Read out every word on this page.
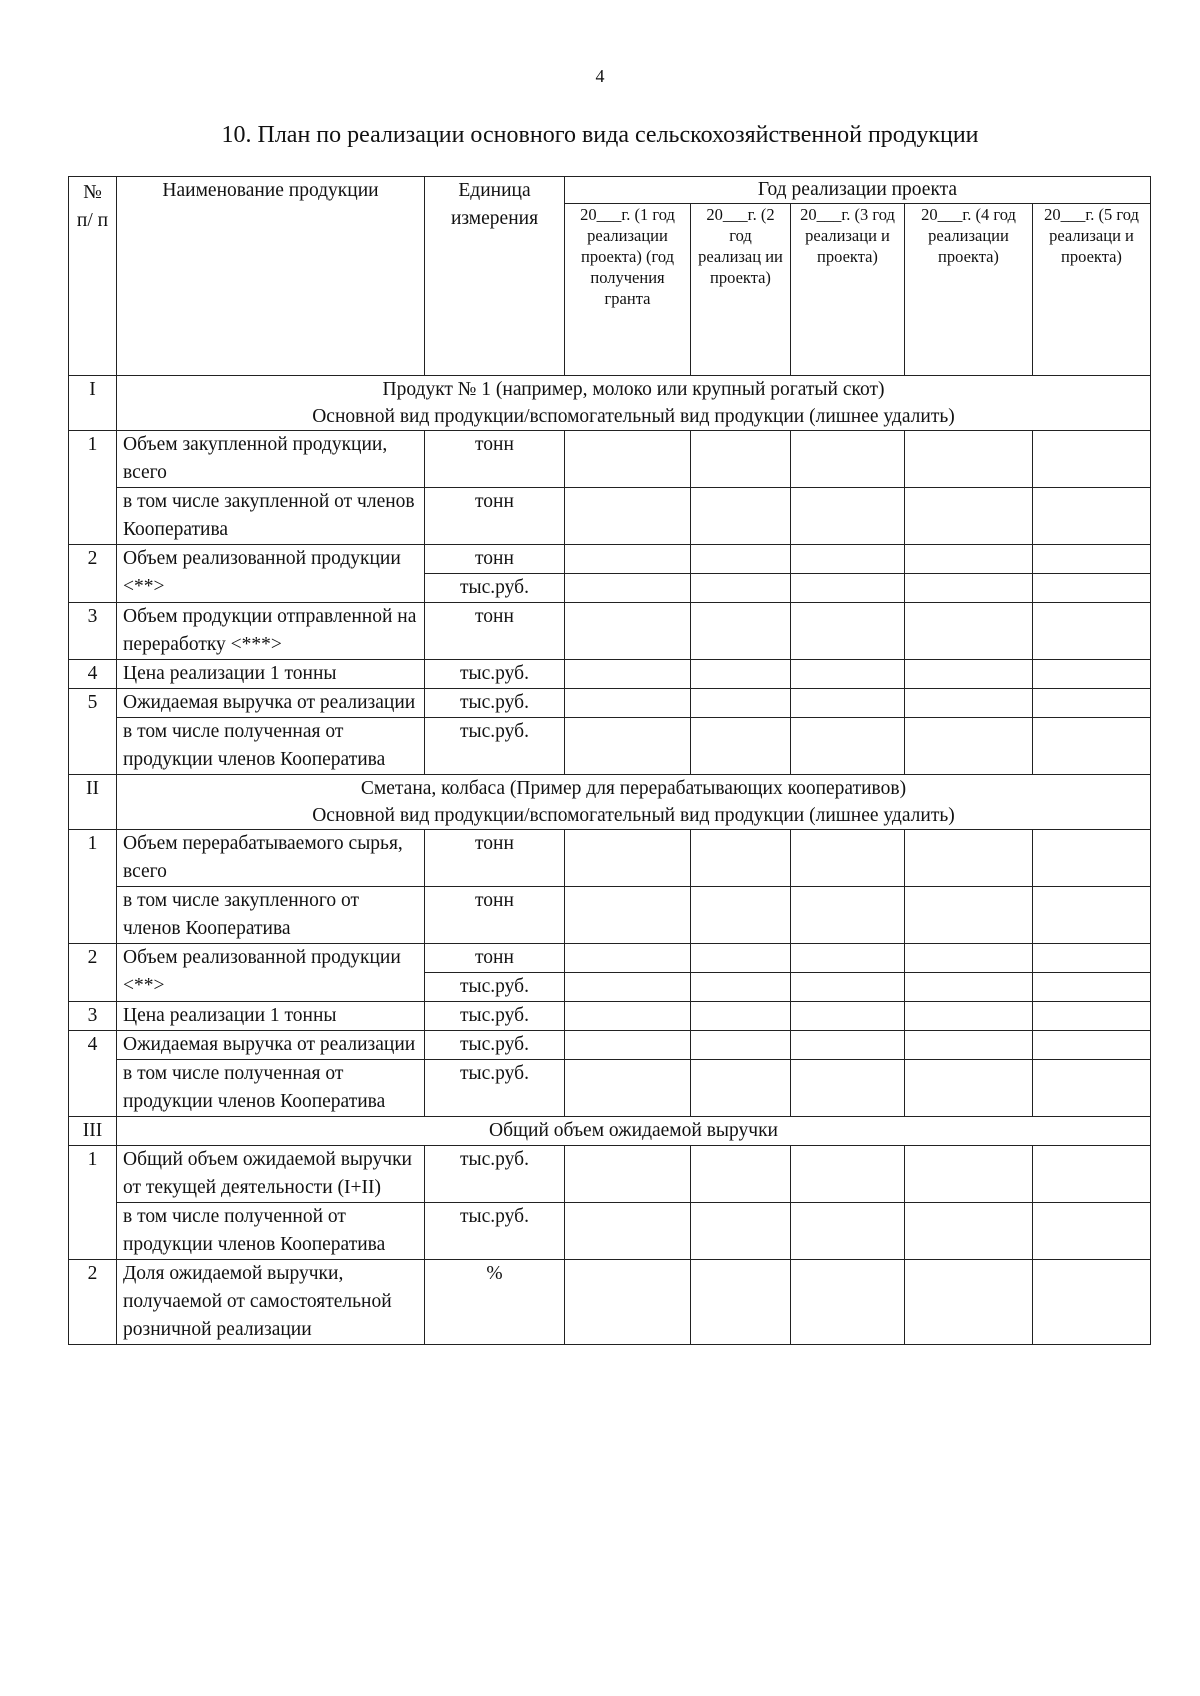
4
10. План по реализации основного вида сельскохозяйственной продукции
№ п/ п	Наименование продукции	Единица измерения	Год реализации проекта				
			20___г. (1 год реализации проекта) (год получения гранта	20___г. (2 год реализац ии проекта)	20___г. (3 год реализаци и проекта)	20___г. (4 год реализации проекта)	20___г. (5 год реализаци и проекта)
I	Продукт № 1 (например, молоко или крупный рогатый скот)
Основной вид продукции/вспомогательный вид продукции (лишнее удалить)						

1	Объем закупленной продукции, всего	тонн					
	в том числе закупленной от членов Кооператива	тонн					
2	Объем реализованной продукции <**>	тонн					
		тыс.руб.					
3	Объем продукции отправленной на переработку <***>	тонн					
4	Цена реализации 1 тонны	тыс.руб.					
5	Ожидаемая выручка от реализации	тыс.руб.					
	в том числе полученная от продукции членов Кооператива	тыс.руб.					
II	Сметана, колбаса (Пример для перерабатывающих кооперативов)
Основной вид продукции/вспомогательный вид продукции (лишнее удалить)						

1	Объем перерабатываемого сырья, всего	тонн					
	в том числе закупленного от членов Кооператива	тонн					
2	Объем реализованной продукции <**>	тонн					
		тыс.руб.					
3	Цена реализации 1 тонны	тыс.руб.					
4	Ожидаемая выручка от реализации	тыс.руб.					
	в том числе полученная от продукции членов Кооператива	тыс.руб.					
III	Общий объем ожидаемой выручки						

1	Общий объем ожидаемой выручки от текущей деятельности (I+II)	тыс.руб.					
	в том числе полученной от продукции членов Кооператива	тыс.руб.					
2	Доля ожидаемой выручки, получаемой от самостоятельной розничной реализации	%					
